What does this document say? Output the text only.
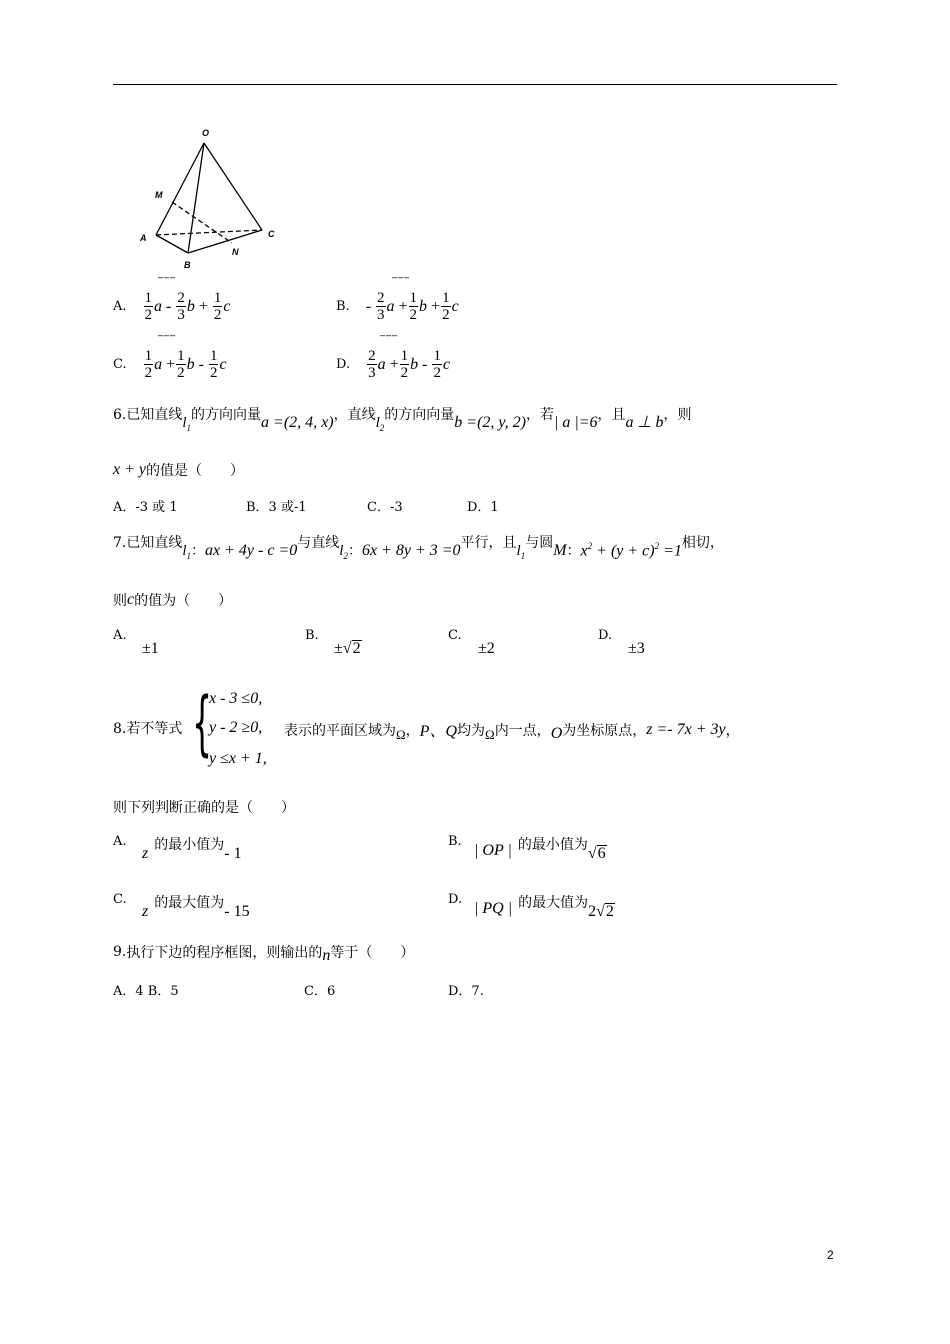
O
M
A	C
B
N
A. $\frac{1}{2}$ a - $\frac{2}{3}$ $b + \frac{1}{2}$ c
‾‾‾
B. - $\frac{2}{3}$ $a + \frac{1}{2}$ $b + \frac{1}{2}$ c
‾‾‾
C. $\frac{1}{2}$ $a + \frac{1}{2}$ b - $\frac{1}{2}$ c
‾‾‾
D. $\frac{2}{3}$ $a + \frac{1}{2}$ b - $\frac{1}{2}$ c
‾‾‾
6. 已知直线 $l_1$
的方向向量 a =(2, 4, x) ，直线 $l_2$
的方向向量 b =(2, y, 2) ，若 | a |=6 ，且 a ⊥ b ，则
x + y 的值是（　　）
A．-3 或 1	B．3 或-1	C．-3	D．1
7. 已知直线 $l_1$ ： ax + 4y - c =0 与直线 $l_2$ ： 6x + 8y + 3 =0 平行，且 $l_1$
与圆 M ： $x^2 + (y + c)^2 =1$ 相切，
则 c 的值为（　　）
A.
±1
B.
±√2
C.
±2
D.
±3
8.若不等式 {
x - 3 ≤0,
y - 2 ≥0,
y ≤x + 1,
表示的平面区域为 Ω ， P、Q 均为 Ω 内一点， O 为坐标原点， z =- 7x + 3y ，
则下列判断正确的是（　　）
A.
z 的最小值为 - 1
B.
| OP | 的最小值为 √6
C.
z 的最大值为 - 15
D.
| PQ | 的最大值为 2√2
9. 执行下边的程序框图，则输出的 n 等于（　　）
A．4 B．5	C．6	D．7.
2
